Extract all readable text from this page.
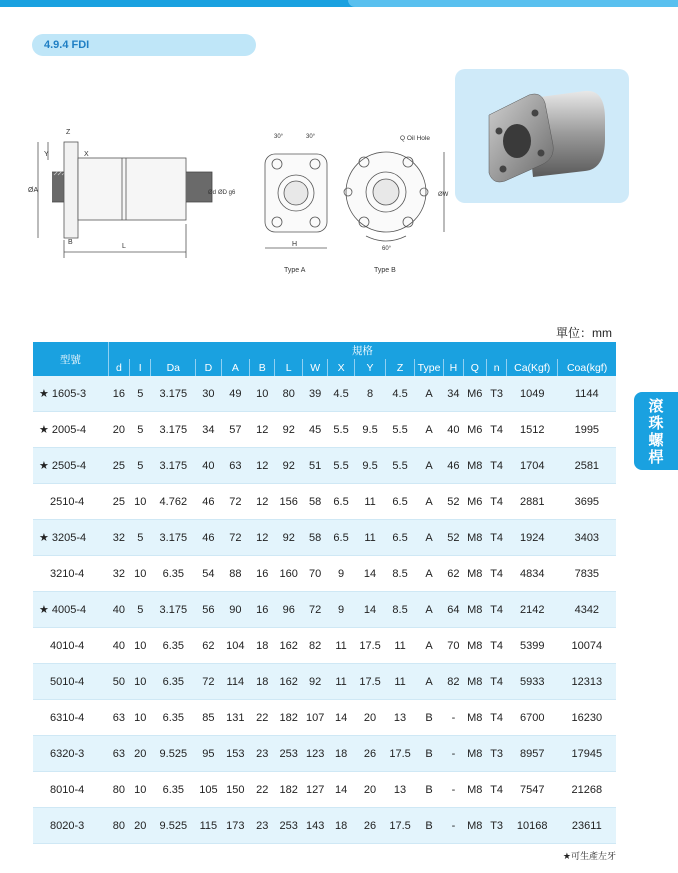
4.9.4 FDI
Z
Y	X
ØA
B
L
Ød ØD g6
30°	30°
H
Type A
Q Oil Hole
ØW
60°
Type B
單位：mm
型號	規格																
	d	I	Da	D	A	B	L	W	X	Y	Z	Type	H	Q	n	Ca(Kgf)	Coa(kgf)
★ 1605-3	16	5	3.175	30	49	10	80	39	4.5	8	4.5	A	34	M6	T3	1049	1144
★ 2005-4	20	5	3.175	34	57	12	92	45	5.5	9.5	5.5	A	40	M6	T4	1512	1995
★ 2505-4	25	5	3.175	40	63	12	92	51	5.5	9.5	5.5	A	46	M8	T4	1704	2581
2510-4	25	10	4.762	46	72	12	156	58	6.5	11	6.5	A	52	M6	T4	2881	3695
★ 3205-4	32	5	3.175	46	72	12	92	58	6.5	11	6.5	A	52	M8	T4	1924	3403
3210-4	32	10	6.35	54	88	16	160	70	9	14	8.5	A	62	M8	T4	4834	7835
★ 4005-4	40	5	3.175	56	90	16	96	72	9	14	8.5	A	64	M8	T4	2142	4342
4010-4	40	10	6.35	62	104	18	162	82	11	17.5	11	A	70	M8	T4	5399	10074
5010-4	50	10	6.35	72	114	18	162	92	11	17.5	11	A	82	M8	T4	5933	12313
6310-4	63	10	6.35	85	131	22	182	107	14	20	13	B	-	M8	T4	6700	16230
6320-3	63	20	9.525	95	153	23	253	123	18	26	17.5	B	-	M8	T3	8957	17945
8010-4	80	10	6.35	105	150	22	182	127	14	20	13	B	-	M8	T4	7547	21268
8020-3	80	20	9.525	115	173	23	253	143	18	26	17.5	B	-	M8	T3	10168	23611
滾
珠
螺
桿
★可生產左牙
